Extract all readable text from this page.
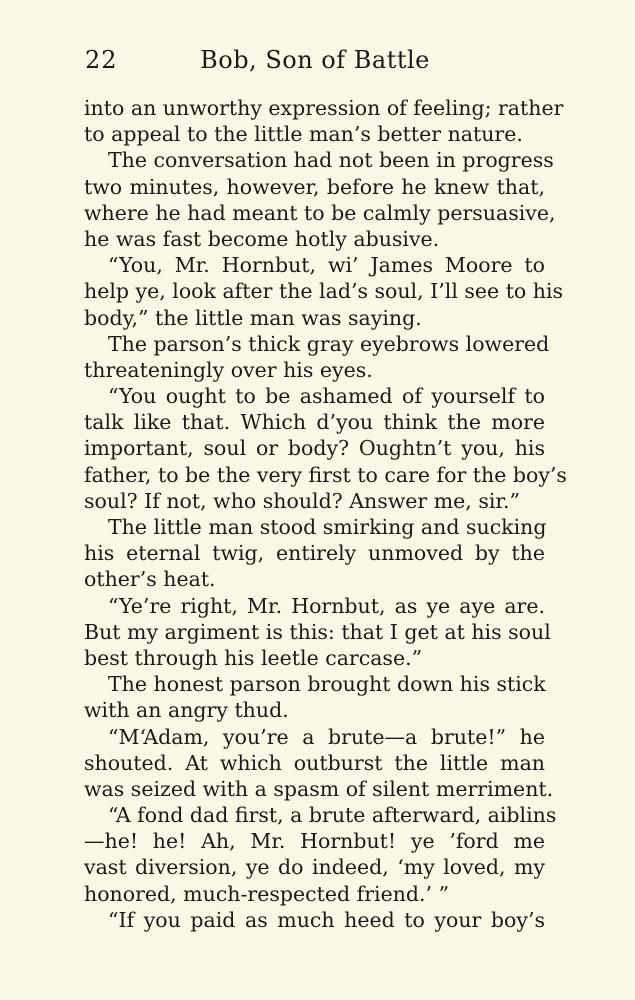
22	Bob, Son of Battle
into an unworthy expression of feeling; rather
to appeal to the little man’s better nature.
The conversation had not been in progress
two minutes, however, before he knew that,
where he had meant to be calmly persuasive,
he was fast become hotly abusive.
“You, Mr. Hornbut, wi’ James Moore to
help ye, look after the lad’s soul, I’ll see to his
body,” the little man was saying.
The parson’s thick gray eyebrows lowered
threateningly over his eyes.
“You ought to be ashamed of yourself to
talk like that. Which d’you think the more
important, soul or body? Oughtn’t you, his
father, to be the very first to care for the boy’s
soul? If not, who should? Answer me, sir.”
The little man stood smirking and sucking
his eternal twig, entirely unmoved by the
other’s heat.
“Ye’re right, Mr. Hornbut, as ye aye are.
But my argiment is this: that I get at his soul
best through his leetle carcase.”
The honest parson brought down his stick
with an angry thud.
“M‘Adam, you’re a brute—a brute!” he
shouted. At which outburst the little man
was seized with a spasm of silent merriment.
“A fond dad first, a brute afterward, aiblins
—he! he! Ah, Mr. Hornbut! ye ’ford me
vast diversion, ye do indeed, ‘my loved, my
honored, much-respected friend.’ ”
“If you paid as much heed to your boy’s
